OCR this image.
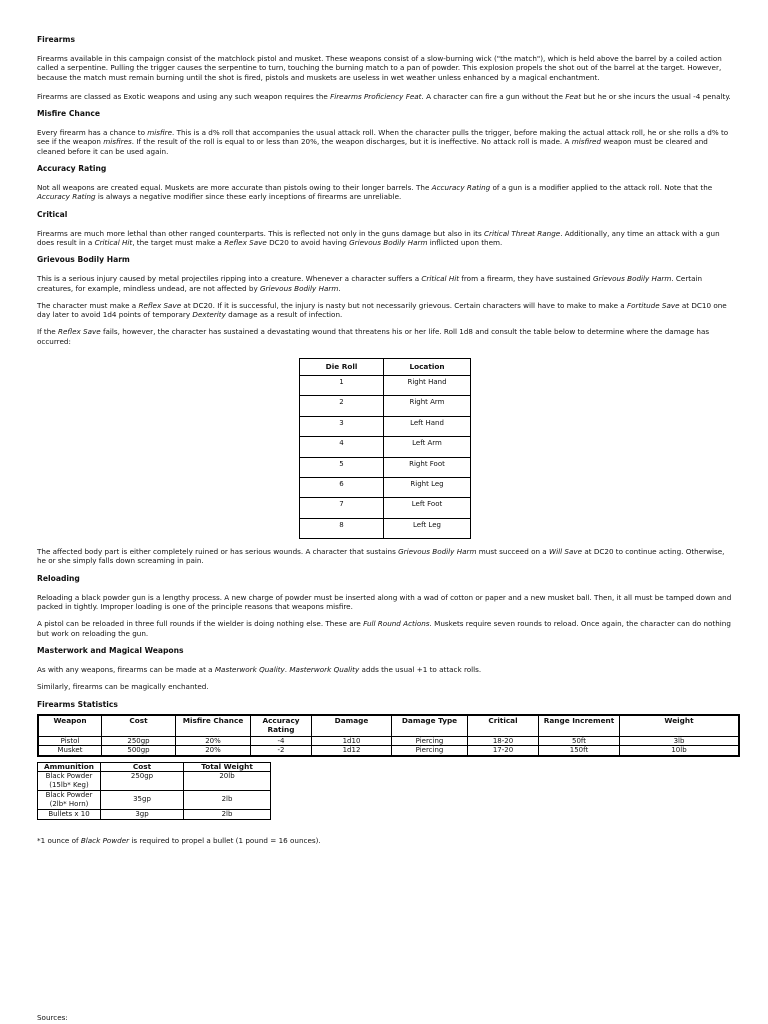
Firearms

Firearms available in this campaign consist of the matchlock pistol and musket. These weapons consist of a slow-burning wick ("the match"), which is held above the barrel by a coiled action called a serpentine. Pulling the trigger causes the serpentine to turn, touching the burning match to a pan of powder. This explosion propels the shot out of the barrel at the target. However, because the match must remain burning until the shot is fired, pistols and muskets are useless in wet weather unless enhanced by a magical enchantment.

Firearms are classed as Exotic weapons and using any such weapon requires the Firearms Proficiency Feat. A character can fire a gun without the Feat but he or she incurs the usual -4 penalty.

Misfire Chance

Every firearm has a chance to misfire. This is a d% roll that accompanies the usual attack roll. When the character pulls the trigger, before making the actual attack roll, he or she rolls a d% to see if the weapon misfires. If the result of the roll is equal to or less than 20%, the weapon discharges, but it is ineffective. No attack roll is made. A misfired weapon must be cleared and cleaned before it can be used again.

Accuracy Rating

Not all weapons are created equal. Muskets are more accurate than pistols owing to their longer barrels. The Accuracy Rating of a gun is a modifier applied to the attack roll. Note that the Accuracy Rating is always a negative modifier since these early inceptions of firearms are unreliable.

Critical

Firearms are much more lethal than other ranged counterparts. This is reflected not only in the guns damage but also in its Critical Threat Range. Additionally, any time an attack with a gun does result in a Critical Hit, the target must make a Reflex Save DC20 to avoid having Grievous Bodily Harm inflicted upon them.

Grievous Bodily Harm

This is a serious injury caused by metal projectiles ripping into a creature. Whenever a character suffers a Critical Hit from a firearm, they have sustained Grievous Bodily Harm. Certain creatures, for example, mindless undead, are not affected by Grievous Bodily Harm.

The character must make a Reflex Save at DC20. If it is successful, the injury is nasty but not necessarily grievous. Certain characters will have to make to make a Fortitude Save at DC10 one day later to avoid 1d4 points of temporary Dexterity damage as a result of infection.

If the Reflex Save fails, however, the character has sustained a devastating wound that threatens his or her life. Roll 1d8 and consult the table below to determine where the damage has occurred:

Die Roll	Location
1	Right Hand
2	Right Arm
3	Left Hand
4	Left Arm
5	Right Foot
6	Right Leg
7	Left Foot
8	Left Leg

The affected body part is either completely ruined or has serious wounds. A character that sustains Grievous Bodily Harm must succeed on a Will Save at DC20 to continue acting. Otherwise, he or she simply falls down screaming in pain.

Reloading

Reloading a black powder gun is a lengthy process. A new charge of powder must be inserted along with a wad of cotton or paper and a new musket ball. Then, it all must be tamped down and packed in tightly. Improper loading is one of the principle reasons that weapons misfire.

A pistol can be reloaded in three full rounds if the wielder is doing nothing else. These are Full Round Actions. Muskets require seven rounds to reload. Once again, the character can do nothing but work on reloading the gun.

Masterwork and Magical Weapons

As with any weapons, firearms can be made at a Masterwork Quality. Masterwork Quality adds the usual +1 to attack rolls.

Similarly, firearms can be magically enchanted.

Firearms Statistics
Weapon	Cost	Misfire Chance	Accuracy Rating	Damage	Damage Type	Critical	Range Increment	Weight
Pistol	250gp	20%	-4	1d10	Piercing	18-20	50ft	3lb
Musket	500gp	20%	-2	1d12	Piercing	17-20	150ft	10lb
Ammunition	Cost	Total Weight
Black Powder (15lb* Keg)	250gp	20lb
Black Powder (2lb* Horn)	35gp	2lb
Bullets x 10	3gp	2lb

*1 ounce of Black Powder is required to propel a bullet (1 pound = 16 ounces).

Sources:
